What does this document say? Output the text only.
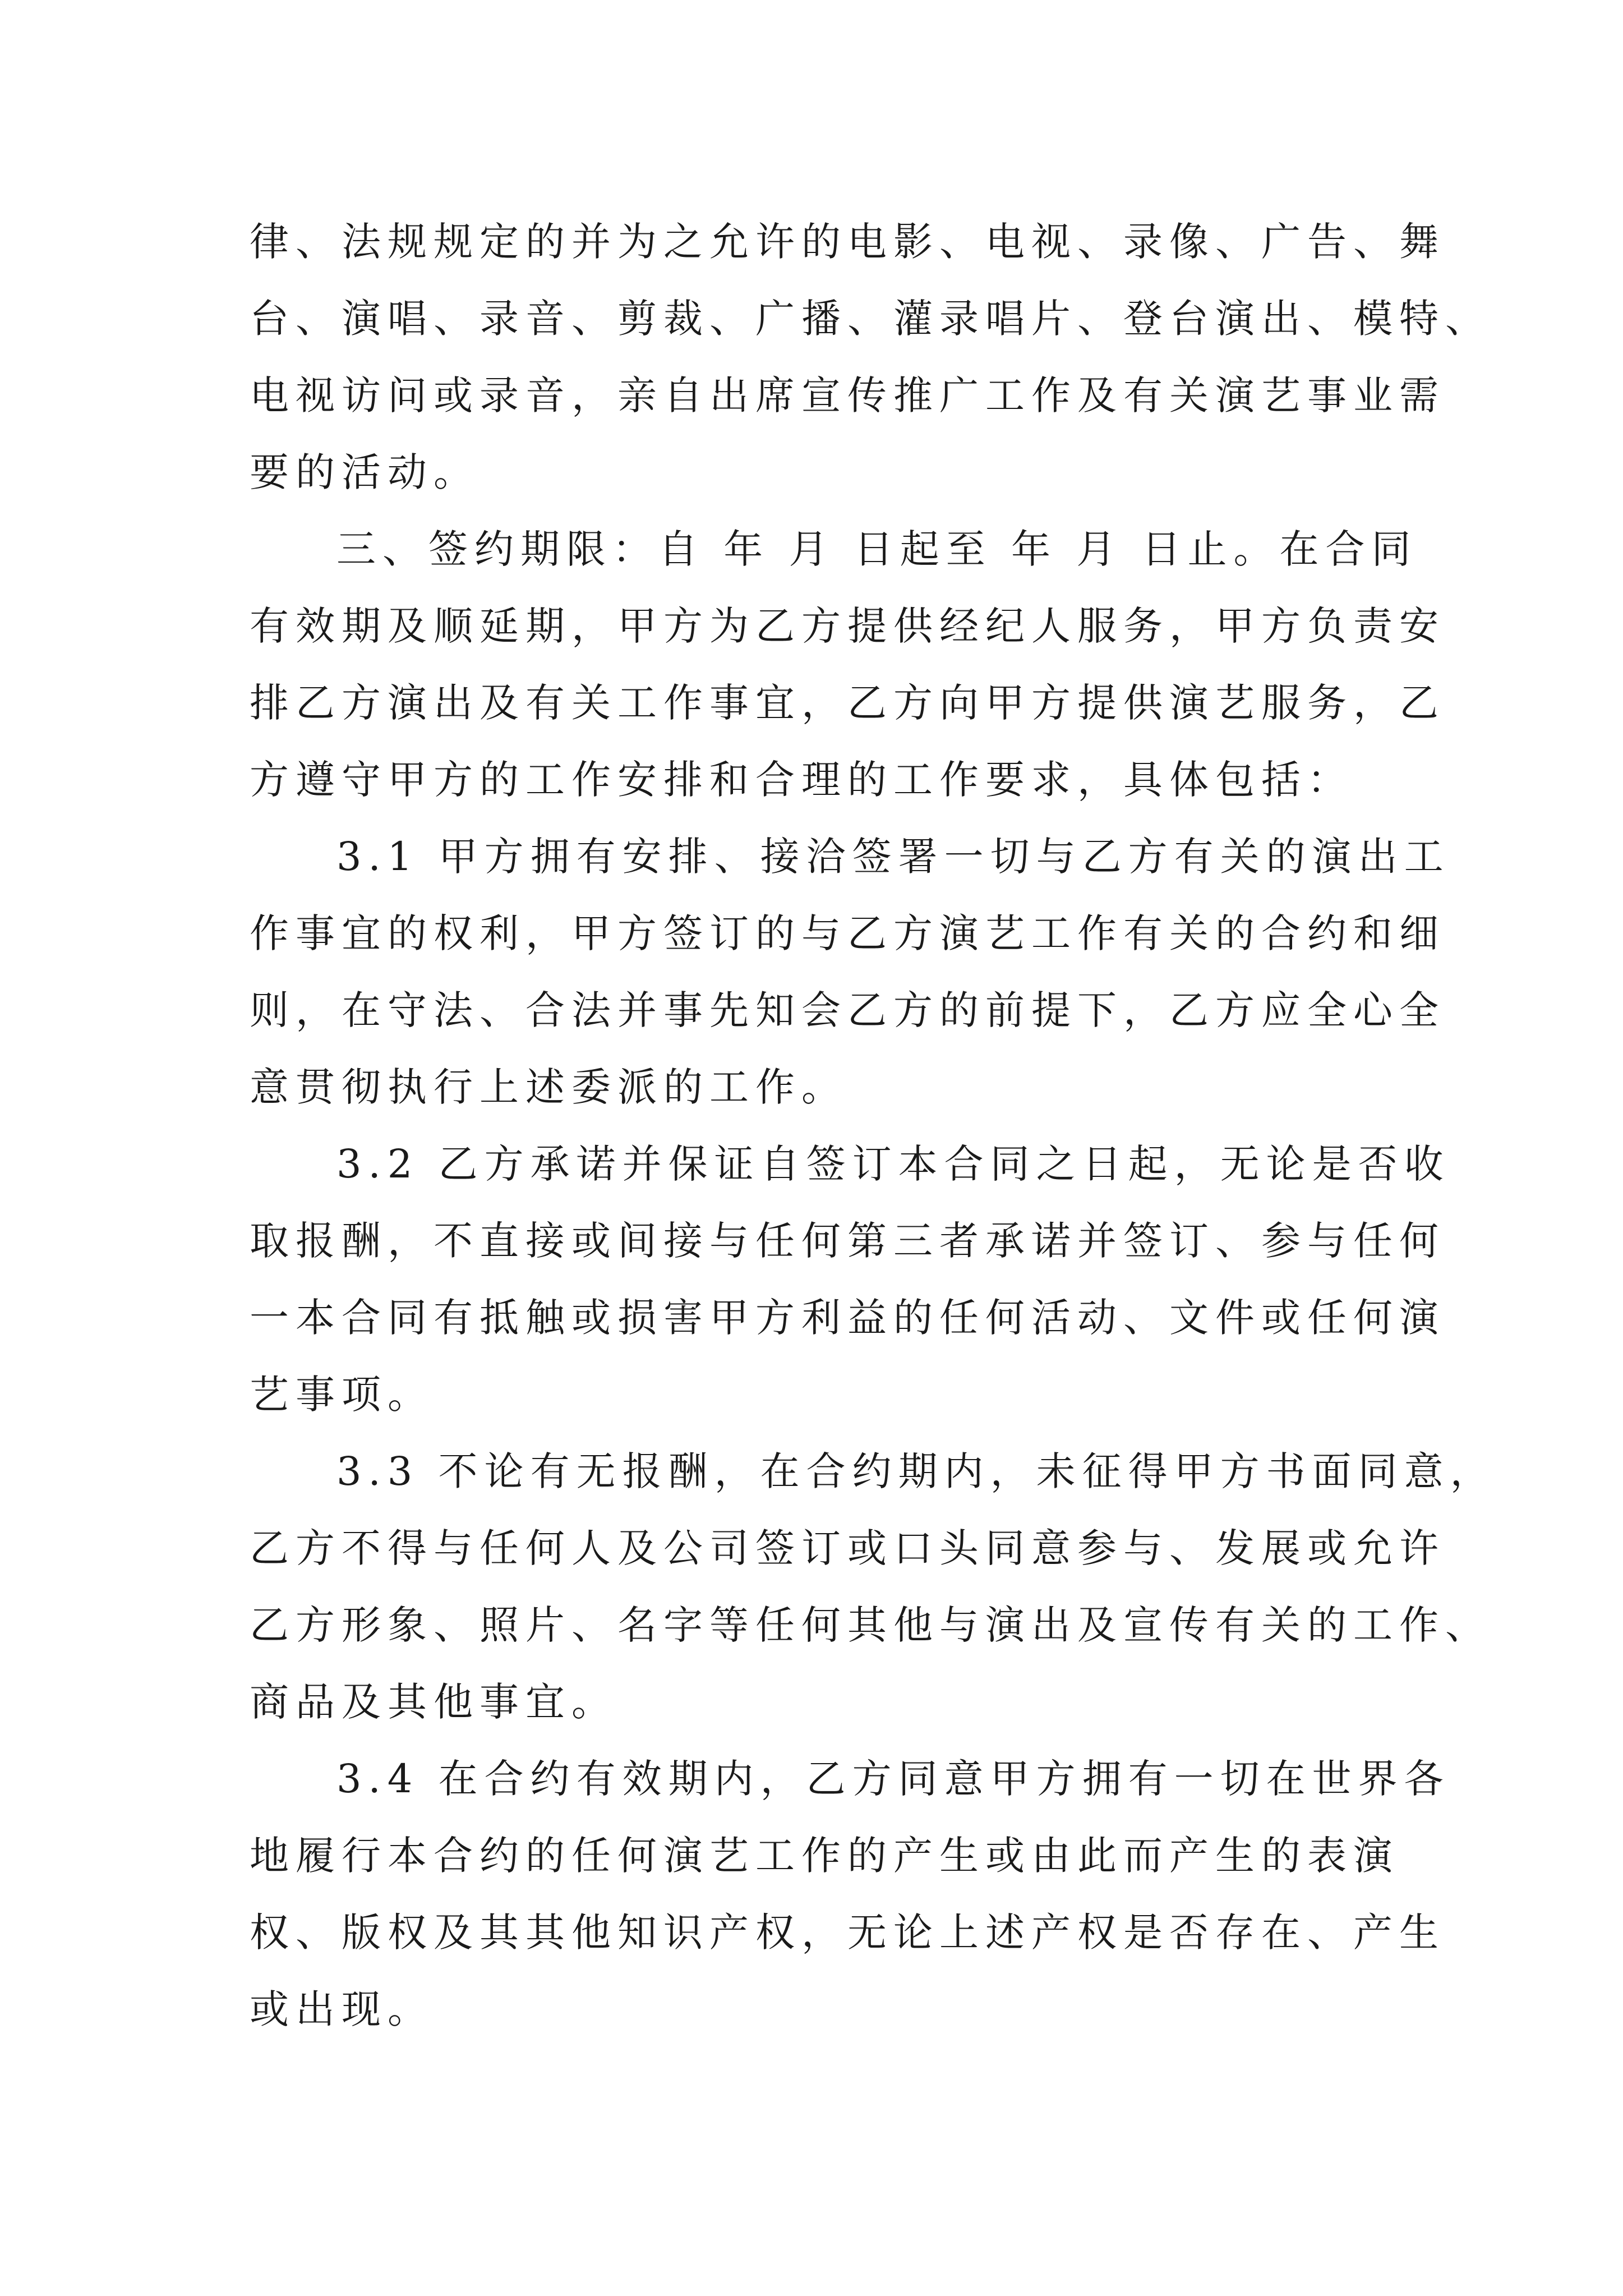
律、法规规定的并为之允许的电影、电视、录像、广告、舞
台、演唱、录音、剪裁、广播、灌录唱片、登台演出、模特、
电视访问或录音，亲自出席宣传推广工作及有关演艺事业需
要的活动。
三、签约期限：自 年 月 日起至 年 月 日止。在合同
有效期及顺延期，甲方为乙方提供经纪人服务，甲方负责安
排乙方演出及有关工作事宜，乙方向甲方提供演艺服务，乙
方遵守甲方的工作安排和合理的工作要求，具体包括：
3.1 甲方拥有安排、接洽签署一切与乙方有关的演出工
作事宜的权利，甲方签订的与乙方演艺工作有关的合约和细
则，在守法、合法并事先知会乙方的前提下，乙方应全心全
意贯彻执行上述委派的工作。
3.2 乙方承诺并保证自签订本合同之日起，无论是否收
取报酬，不直接或间接与任何第三者承诺并签订、参与任何
一本合同有抵触或损害甲方利益的任何活动、文件或任何演
艺事项。
3.3 不论有无报酬，在合约期内，未征得甲方书面同意，
乙方不得与任何人及公司签订或口头同意参与、发展或允许
乙方形象、照片、名字等任何其他与演出及宣传有关的工作、
商品及其他事宜。
3.4 在合约有效期内，乙方同意甲方拥有一切在世界各
地履行本合约的任何演艺工作的产生或由此而产生的表演
权、版权及其其他知识产权，无论上述产权是否存在、产生
或出现。
